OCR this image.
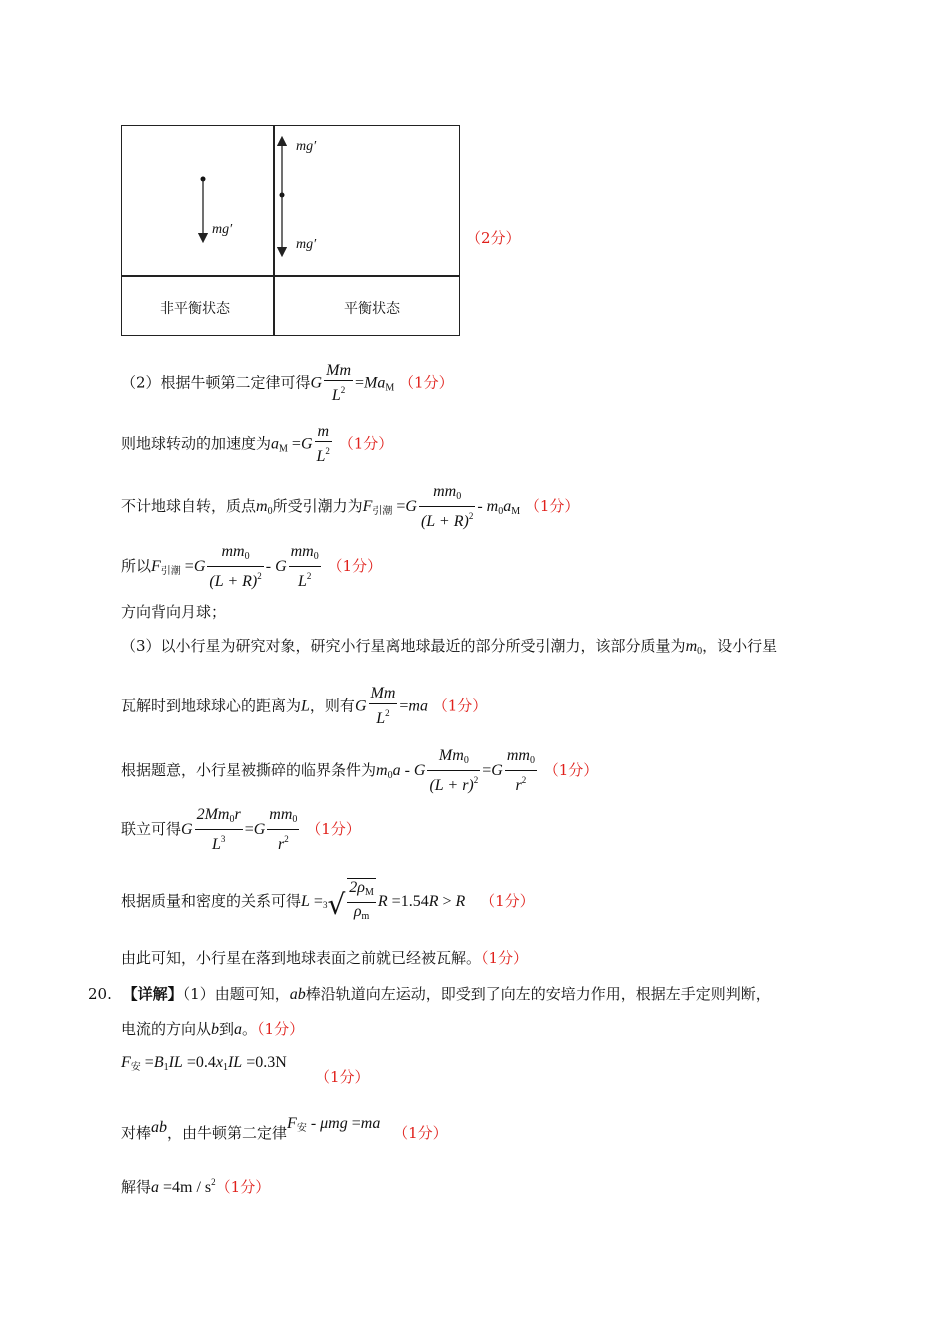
mg′
mg′
mg′
非平衡状态	平衡状态
（2分）
（2）根据牛顿第二定律可得G $\frac{Mm}{L^2} =Ma_M$ （1分）
则地球转动的加速度为$a_M =G \frac{m}{L^2} (1$分）
不计地球自转，质点$m_0$所受引潮力为$F_{引潮} =G \frac{mm_0}{(L + R)^2} - m_0a_M$ （1分）
所以$F_{引潮} =G \frac{mm_0}{(L + R)^2} - G \frac{mm_0}{L^2} (1$分）
方向背向月球；
（3）以小行星为研究对象，研究小行星离地球最近的部分所受引潮力，该部分质量为$m_0$，设小行星
瓦解时到地球球心的距离为L，则有G $\frac{Mm}{L^2} =ma$ （1分）
根据题意，小行星被撕碎的临界条件为$m_0a - G \frac{Mm_0}{(L + r)^2} =G \frac{mm_0}{r^2} (1$分）
联立可得G $\frac{2Mm_0r}{L^3} =G \frac{mm_0}{r^2} (1$分）
根据质量和密度的关系可得$L =3√ \frac{2\rho_M}{\rho_m}$ R =1.54R > R （1分）
由此可知，小行星在落到地球表面之前就已经被瓦解。（1分）
20. 【详解】（1）由题可知，ab棒沿轨道向左运动，即受到了向左的安培力作用，根据左手定则判断，
电流的方向从b到a。（1分）
$F_安 =B_1IL =0.4x_1IL =0.3N$
（1分）
对棒ab，由牛顿第二定律$F_安 - \mu mg =ma$ （1分）
解得$a =4m / s^2(1$分）
